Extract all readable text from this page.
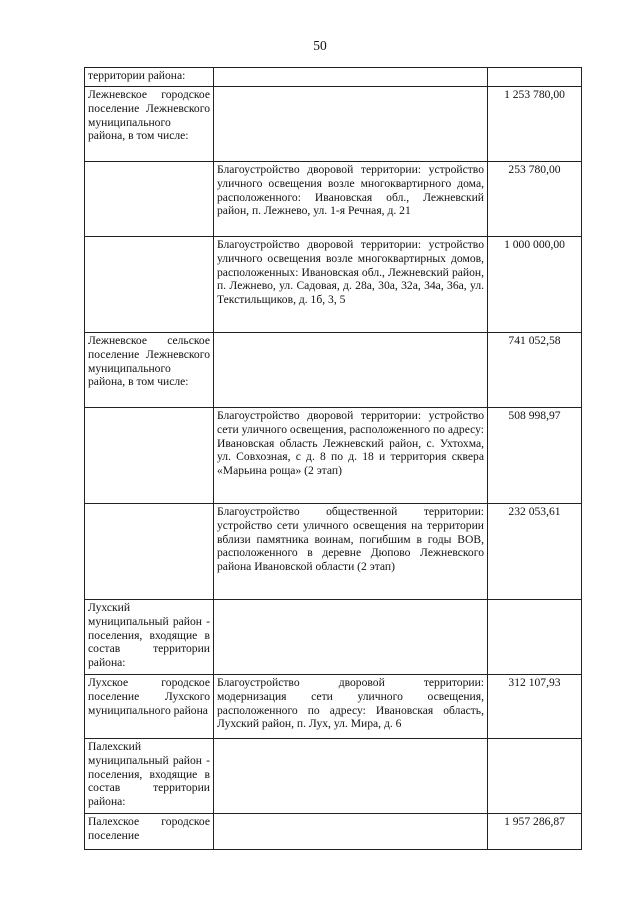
50
территории района:		
Лежневское городское поселение Лежневского муниципального района, в том числе:		1 253 780,00

	Благоустройство дворовой территории: устройство уличного освещения возле многоквартирного дома, расположенного: Ивановская обл., Лежневский район, п. Лежнево, ул. 1-я Речная, д. 21	253 780,00

	Благоустройство дворовой территории: устройство уличного освещения возле многоквартирных домов, расположенных: Ивановская обл., Лежневский район, п. Лежнево, ул. Садовая, д. 28а, 30а, 32а, 34а, 36а, ул. Текстильщиков, д. 1б, 3, 5	1 000 000,00
Лежневское сельское поселение Лежневского муниципального района, в том числе:		741 052,58

	Благоустройство дворовой территории: устройство сети уличного освещения, расположенного по адресу: Ивановская область Лежневский район, с. Ухтохма, ул. Совхозная, с д. 8 по д. 18 и территория сквера «Марьина роща» (2 этап)	508 998,97

	Благоустройство общественной территории: устройство сети уличного освещения на территории вблизи памятника воинам, погибшим в годы ВОВ, расположенного в деревне Дюпово Лежневского района Ивановской области (2 этап)	232 053,61
Лухский муниципальный район - поселения, входящие в состав территории района:		
Лухское городское поселение Лухского муниципального района	Благоустройство дворовой территории: модернизация сети уличного освещения, расположенного по адресу: Ивановская область, Лухский район, п. Лух, ул. Мира, д. 6	312 107,93
Палехский муниципальный район - поселения, входящие в состав территории района:		
Палехское городское поселение		1 957 286,87
